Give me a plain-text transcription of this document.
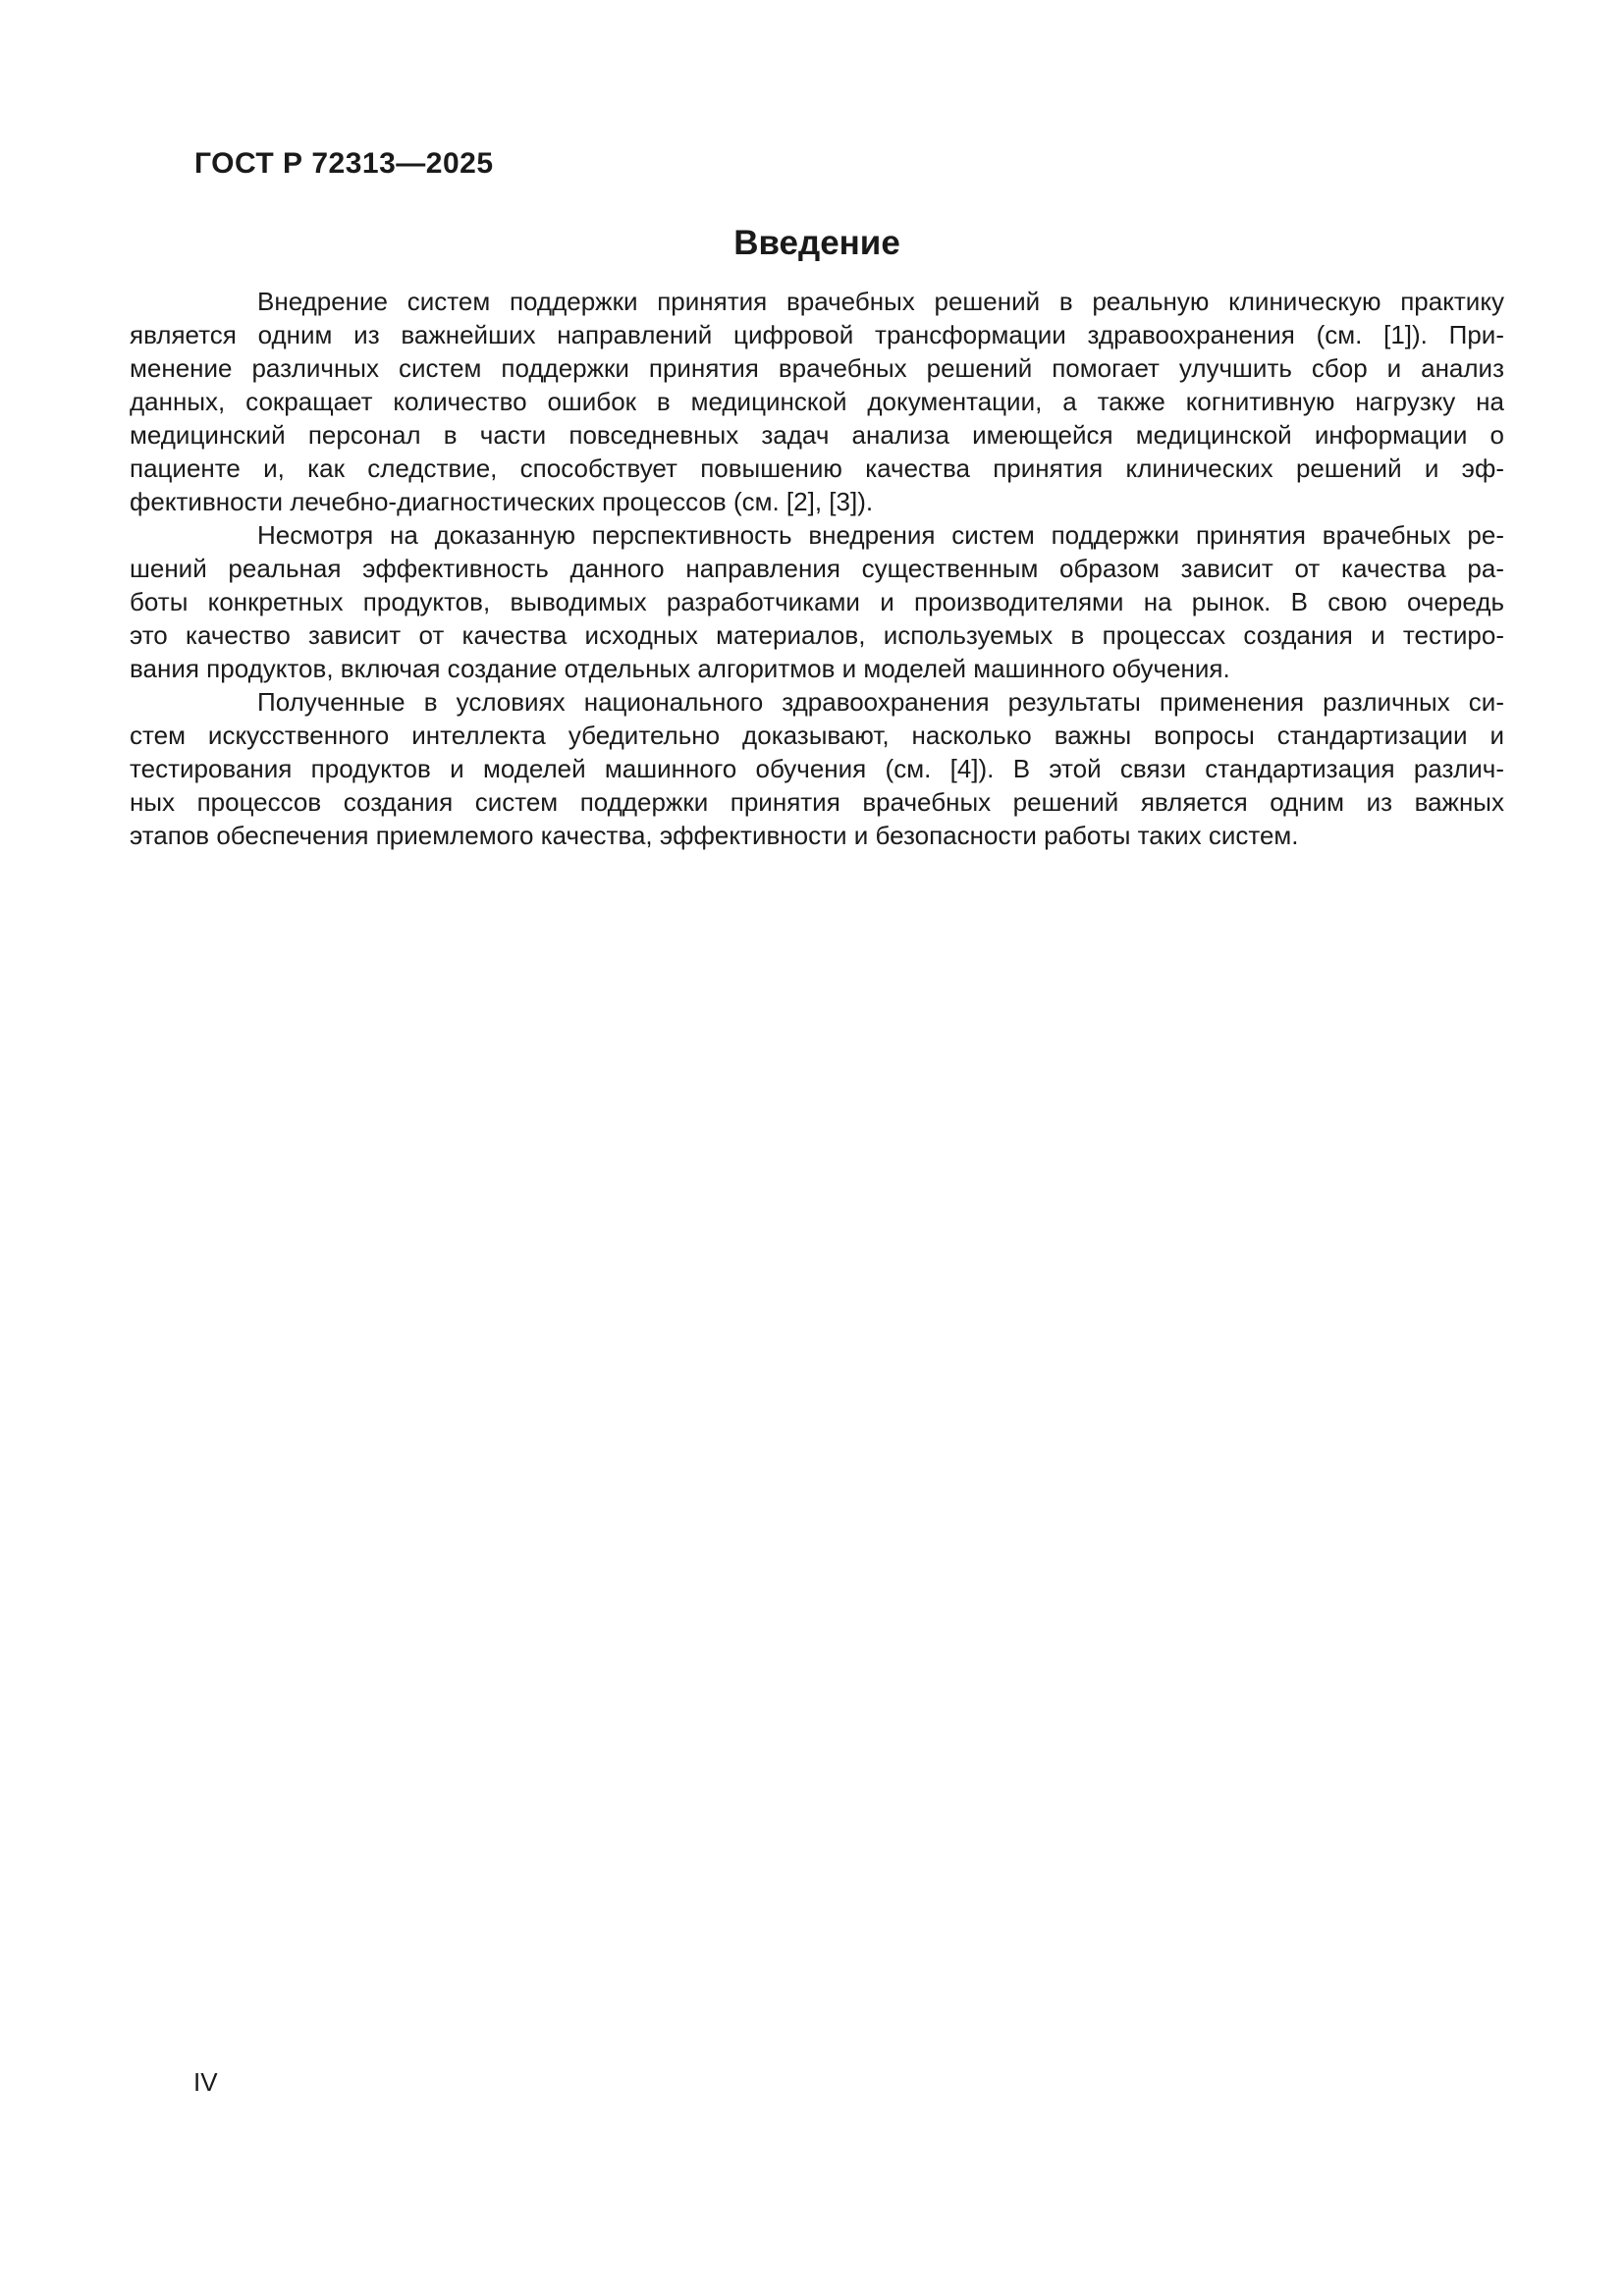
ГОСТ Р 72313—2025
Введение
Внедрение систем поддержки принятия врачебных решений в реальную клиническую практику
является одним из важнейших направлений цифровой трансформации здравоохранения (см. [1]). При-
менение различных систем поддержки принятия врачебных решений помогает улучшить сбор и анализ
данных, сокращает количество ошибок в медицинской документации, а также когнитивную нагрузку на
медицинский персонал в части повседневных задач анализа имеющейся медицинской информации о
пациенте и, как следствие, способствует повышению качества принятия клинических решений и эф-
фективности лечебно-диагностических процессов (см. [2], [3]).
Несмотря на доказанную перспективность внедрения систем поддержки принятия врачебных ре-
шений реальная эффективность данного направления существенным образом зависит от качества ра-
боты конкретных продуктов, выводимых разработчиками и производителями на рынок. В свою очередь
это качество зависит от качества исходных материалов, используемых в процессах создания и тестиро-
вания продуктов, включая создание отдельных алгоритмов и моделей машинного обучения.
Полученные в условиях национального здравоохранения результаты применения различных си-
стем искусственного интеллекта убедительно доказывают, насколько важны вопросы стандартизации и
тестирования продуктов и моделей машинного обучения (см. [4]). В этой связи стандартизация различ-
ных процессов создания систем поддержки принятия врачебных решений является одним из важных
этапов обеспечения приемлемого качества, эффективности и безопасности работы таких систем.
IV
